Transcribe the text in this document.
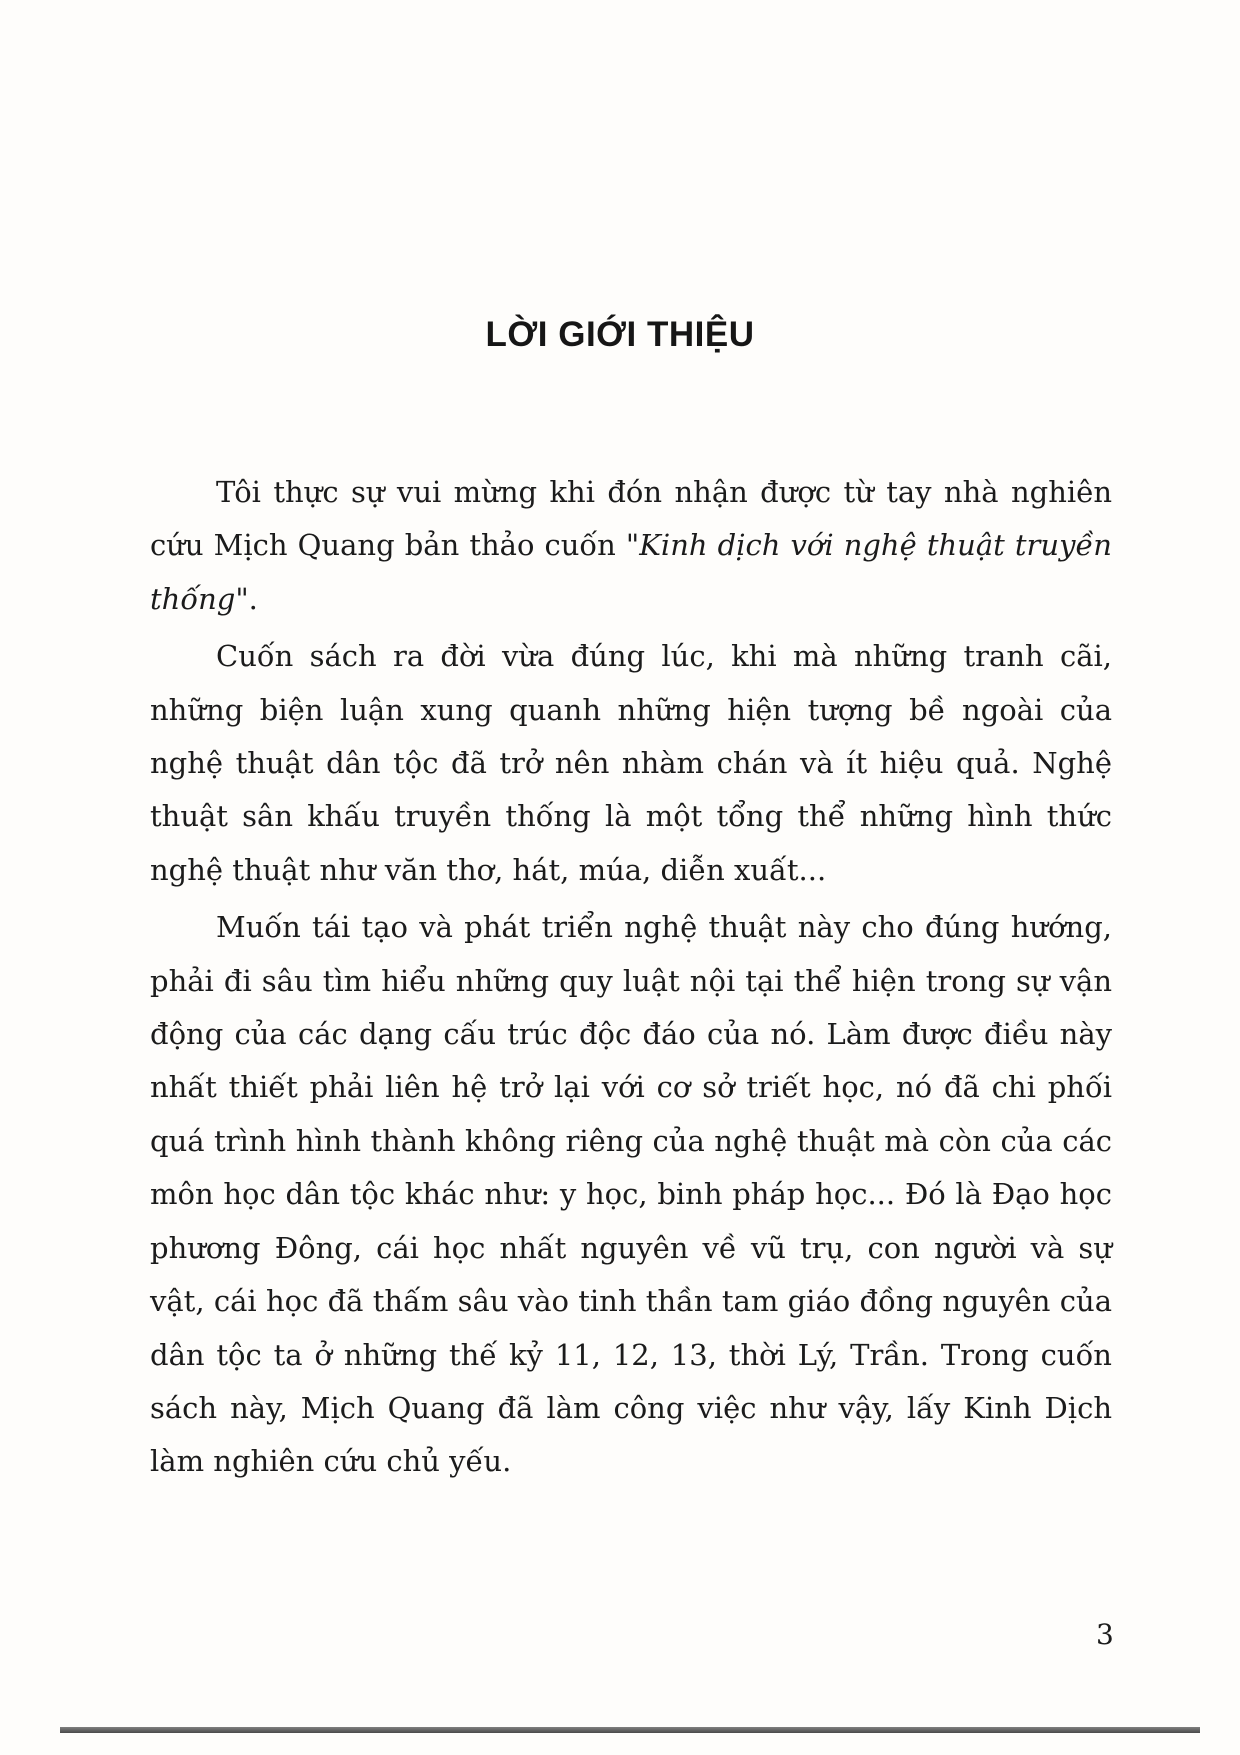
LỜI GIỚI THIỆU

Tôi thực sự vui mừng khi đón nhận được từ tay nhà nghiên cứu Mịch Quang bản thảo cuốn "Kinh dịch với nghệ thuật truyền thống".

Cuốn sách ra đời vừa đúng lúc, khi mà những tranh cãi, những biện luận xung quanh những hiện tượng bề ngoài của nghệ thuật dân tộc đã trở nên nhàm chán và ít hiệu quả. Nghệ thuật sân khấu truyền thống là một tổng thể những hình thức nghệ thuật như văn thơ, hát, múa, diễn xuất...

Muốn tái tạo và phát triển nghệ thuật này cho đúng hướng, phải đi sâu tìm hiểu những quy luật nội tại thể hiện trong sự vận động của các dạng cấu trúc độc đáo của nó. Làm được điều này nhất thiết phải liên hệ trở lại với cơ sở triết học, nó đã chi phối quá trình hình thành không riêng của nghệ thuật mà còn của các môn học dân tộc khác như: y học, binh pháp học... Đó là Đạo học phương Đông, cái học nhất nguyên về vũ trụ, con người và sự vật, cái học đã thấm sâu vào tinh thần tam giáo đồng nguyên của dân tộc ta ở những thế kỷ 11, 12, 13, thời Lý, Trần. Trong cuốn sách này, Mịch Quang đã làm công việc như vậy, lấy Kinh Dịch làm nghiên cứu chủ yếu.

3
